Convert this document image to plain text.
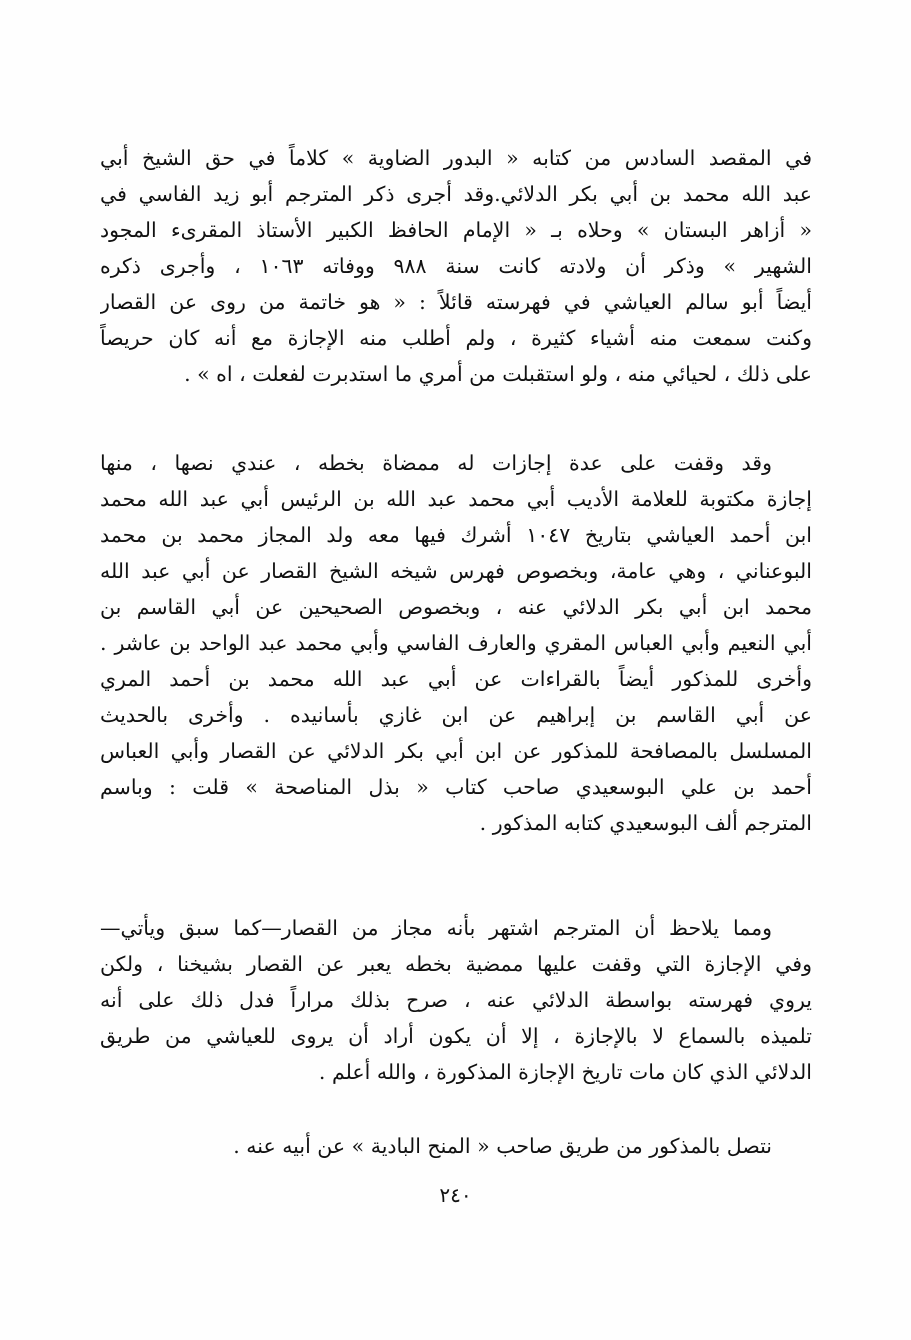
في المقصد السادس من كتابه « البدور الضاوية » كلاماً في حق الشيخ أبي
عبد الله محمد بن أبي بكر الدلائي.وقد أجرى ذكر المترجم أبو زيد الفاسي في
« أزاهر البستان » وحلاه بـ « الإمام الحافظ الكبير الأستاذ المقرىء المجود
الشهير » وذكر أن ولادته كانت سنة ٩٨٨ ووفاته ١٠٦٣ ، وأجرى ذكره
أيضاً أبو سالم العياشي في فهرسته قائلاً : « هو خاتمة من روى عن القصار
وكنت سمعت منه أشياء كثيرة ، ولم أطلب منه الإجازة مع أنه كان حريصاً
على ذلك ، لحيائي منه ، ولو استقبلت من أمري ما استدبرت لفعلت ، اه » .
وقد وقفت على عدة إجازات له ممضاة بخطه ، عندي نصها ، منها
إجازة مكتوبة للعلامة الأديب أبي محمد عبد الله بن الرئيس أبي عبد الله محمد
ابن أحمد العياشي بتاريخ ١٠٤٧ أشرك فيها معه ولد المجاز محمد بن محمد
البوعناني ، وهي عامة، وبخصوص فهرس شيخه الشيخ القصار عن أبي عبد الله
محمد ابن أبي بكر الدلائي عنه ، وبخصوص الصحيحين عن أبي القاسم بن
أبي النعيم وأبي العباس المقري والعارف الفاسي وأبي محمد عبد الواحد بن عاشر .
وأخرى للمذكور أيضاً بالقراءات عن أبي عبد الله محمد بن أحمد المري
عن أبي القاسم بن إبراهيم عن ابن غازي بأسانيده . وأخرى بالحديث
المسلسل بالمصافحة للمذكور عن ابن أبي بكر الدلائي عن القصار وأبي العباس
أحمد بن علي البوسعيدي صاحب كتاب « بذل المناصحة » قلت : وباسم
المترجم ألف البوسعيدي كتابه المذكور .
ومما يلاحظ أن المترجم اشتهر بأنه مجاز من القصار—كما سبق ويأتي—
وفي الإجازة التي وقفت عليها ممضية بخطه يعبر عن القصار بشيخنا ، ولكن
يروي فهرسته بواسطة الدلائي عنه ، صرح بذلك مراراً فدل ذلك على أنه
تلميذه بالسماع لا بالإجازة ، إلا أن يكون أراد أن يروى للعياشي من طريق
الدلائي الذي كان مات تاريخ الإجازة المذكورة ، والله أعلم .
نتصل بالمذكور من طريق صاحب « المنح البادية » عن أبيه عنه .
٢٤٠
